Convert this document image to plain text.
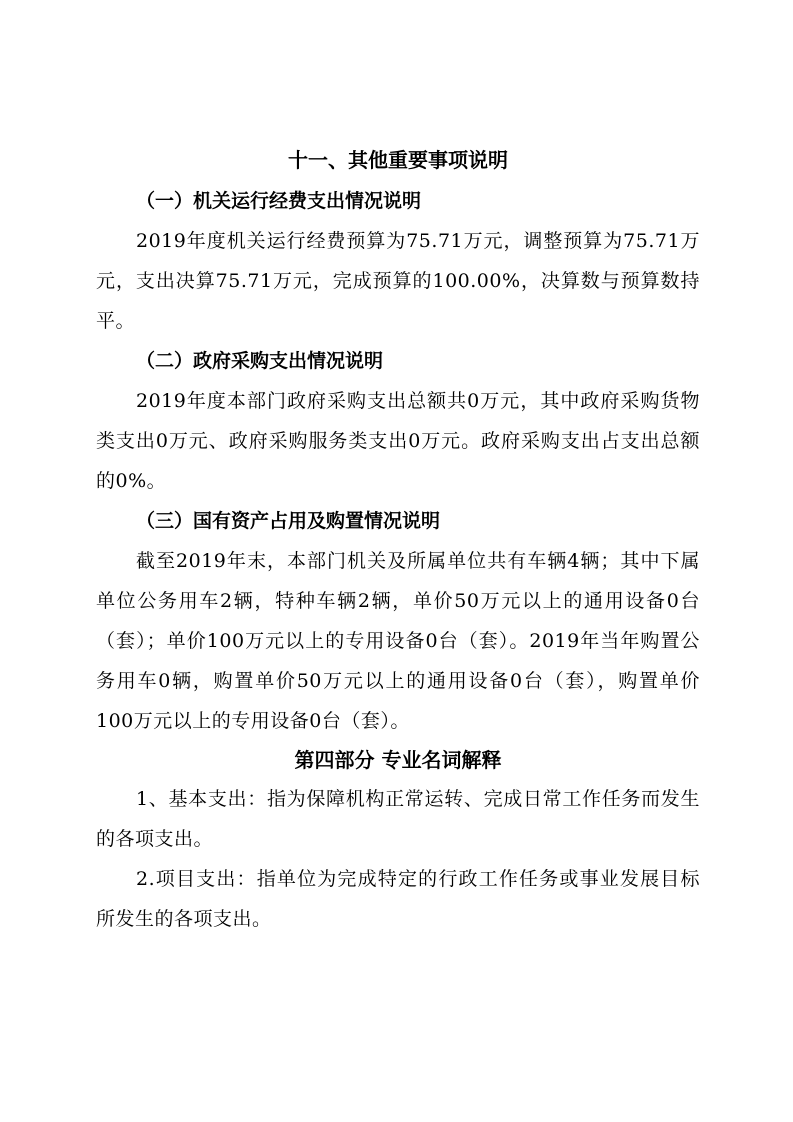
十一、其他重要事项说明
（一）机关运行经费支出情况说明

2019年度机关运行经费预算为75.71万元，调整预算为75.71万元，支出决算75.71万元，完成预算的100.00%，决算数与预算数持平。

（二）政府采购支出情况说明

2019年度本部门政府采购支出总额共0万元，其中政府采购货物类支出0万元、政府采购服务类支出0万元。政府采购支出占支出总额的0%。

（三）国有资产占用及购置情况说明

截至2019年末，本部门机关及所属单位共有车辆4辆；其中下属单位公务用车2辆，特种车辆2辆，单价50万元以上的通用设备0台（套）；单价100万元以上的专用设备0台（套）。2019年当年购置公务用车0辆，购置单价50万元以上的通用设备0台（套），购置单价100万元以上的专用设备0台（套）。

第四部分 专业名词解释

1、基本支出：指为保障机构正常运转、完成日常工作任务而发生的各项支出。

2.项目支出：指单位为完成特定的行政工作任务或事业发展目标所发生的各项支出。
